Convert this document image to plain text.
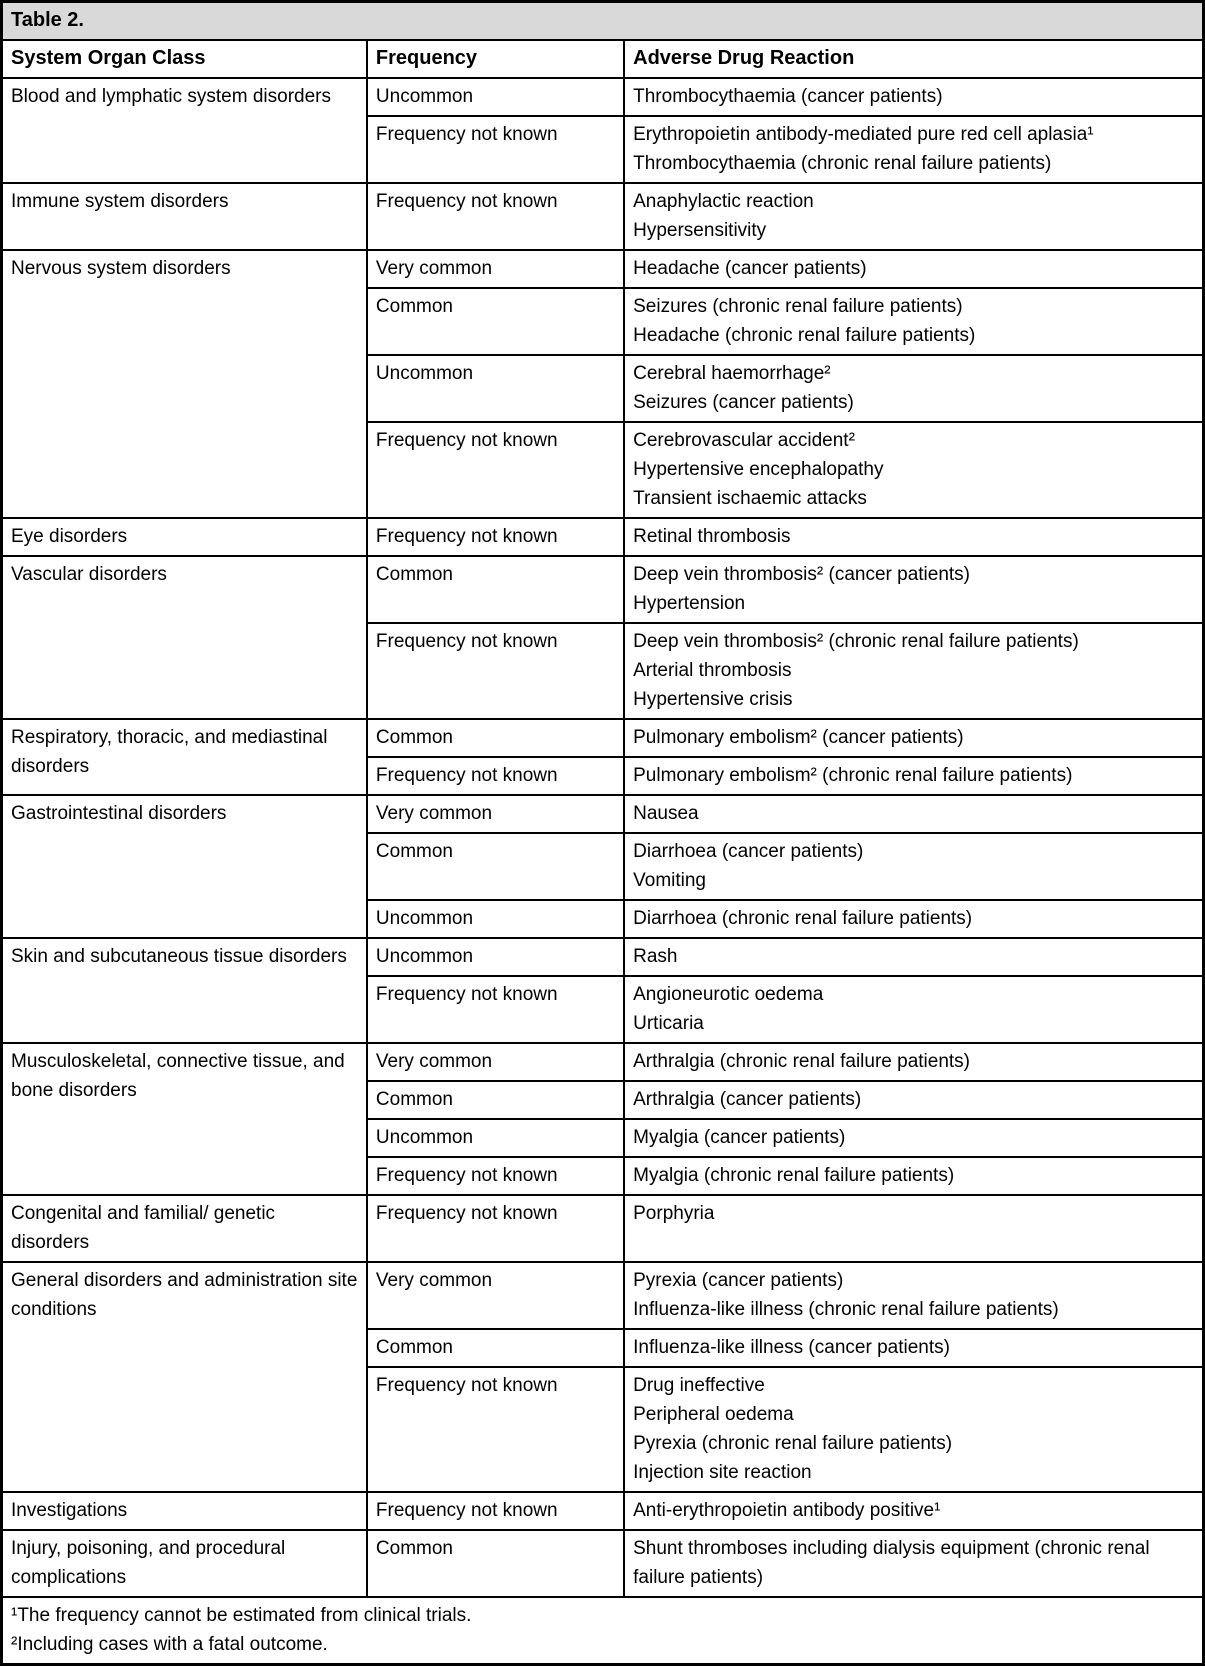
Table 2.		
System Organ Class	Frequency	Adverse Drug Reaction
Blood and lymphatic system disorders	Uncommon	Thrombocythaemia (cancer patients)

	Frequency not known	Erythropoietin antibody-mediated pure red cell aplasia¹
Thrombocythaemia (chronic renal failure patients)

Immune system disorders	Frequency not known	Anaphylactic reaction
Hypersensitivity

Nervous system disorders	Very common	Headache (cancer patients)

	Common	Seizures (chronic renal failure patients)
Headache (chronic renal failure patients)

	Uncommon	Cerebral haemorrhage²
Seizures (cancer patients)

	Frequency not known	Cerebrovascular accident²
Hypertensive encephalopathy
Transient ischaemic attacks

Eye disorders	Frequency not known	Retinal thrombosis

Vascular disorders	Common	Deep vein thrombosis² (cancer patients)
Hypertension

	Frequency not known	Deep vein thrombosis² (chronic renal failure patients)
Arterial thrombosis
Hypertensive crisis

Respiratory, thoracic, and mediastinal disorders	Common	Pulmonary embolism² (cancer patients)

	Frequency not known	Pulmonary embolism² (chronic renal failure patients)

Gastrointestinal disorders	Very common	Nausea

	Common	Diarrhoea (cancer patients)
Vomiting

	Uncommon	Diarrhoea (chronic renal failure patients)

Skin and subcutaneous tissue disorders	Uncommon	Rash

	Frequency not known	Angioneurotic oedema
Urticaria

Musculoskeletal, connective tissue, and bone disorders	Very common	Arthralgia (chronic renal failure patients)

	Common	Arthralgia (cancer patients)

	Uncommon	Myalgia (cancer patients)

	Frequency not known	Myalgia (chronic renal failure patients)

Congenital and familial/ genetic disorders	Frequency not known	Porphyria

General disorders and administration site conditions	Very common	Pyrexia (cancer patients)
Influenza-like illness (chronic renal failure patients)

	Common	Influenza-like illness (cancer patients)

	Frequency not known	Drug ineffective
Peripheral oedema
Pyrexia (chronic renal failure patients)
Injection site reaction

Investigations	Frequency not known	Anti-erythropoietin antibody positive¹

Injury, poisoning, and procedural complications	Common	Shunt thromboses including dialysis equipment (chronic renal failure patients)

¹The frequency cannot be estimated from clinical trials.
²Including cases with a fatal outcome.		
